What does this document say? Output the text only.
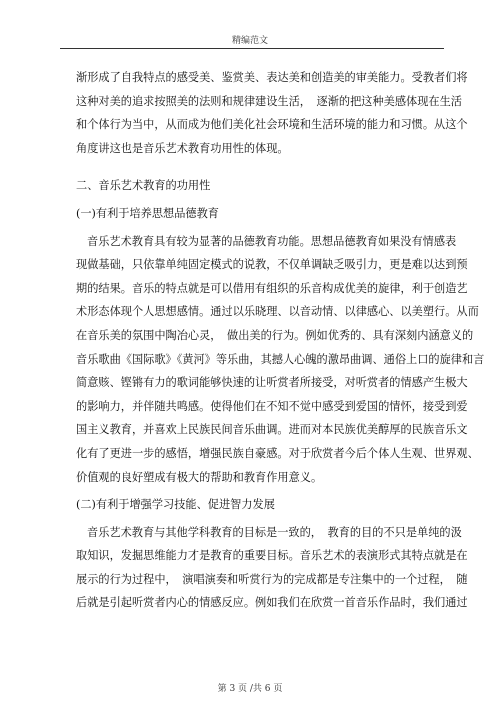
精编范文
渐形成了自我特点的感受美、鉴赏美、表达美和创造美的审美能力。受教者们将
这种对美的追求按照美的法则和规律建设生活，　逐渐的把这种美感体现在生活
和个体行为当中，从而成为他们美化社会环境和生活环境的能力和习惯。从这个
角度讲这也是音乐艺术教育功用性的体现。
二、音乐艺术教育的功用性
(一)有利于培养思想品德教育
音乐艺术教育具有较为显著的品德教育功能。思想品德教育如果没有情感表
现做基础，只依靠单纯固定模式的说教，不仅单调缺乏吸引力，更是难以达到预
期的结果。音乐的特点就是可以借用有组织的乐音构成优美的旋律，利于创造艺
术形态体现个人思想感情。通过以乐晓理、以音动情、以律感心、以美塑行。从而
在音乐美的氛围中陶冶心灵，　做出美的行为。例如优秀的、具有深刻内涵意义的
音乐歌曲《国际歌》《黄河》等乐曲，其撼人心魄的激昂曲调、通俗上口的旋律和言
简意赅、铿锵有力的歌词能够快速的让听赏者所接受，对听赏者的情感产生极大
的影响力，并伴随共鸣感。使得他们在不知不觉中感受到爱国的情怀，接受到爱
国主义教育，并喜欢上民族民间音乐曲调。进而对本民族优美醇厚的民族音乐文
化有了更进一步的感悟，增强民族自豪感。对于欣赏者今后个体人生观、世界观、
价值观的良好塑成有极大的帮助和教育作用意义。
(二)有利于增强学习技能、促进智力发展
音乐艺术教育与其他学科教育的目标是一致的，　教育的目的不只是单纯的汲
取知识，发掘思维能力才是教育的重要目标。音乐艺术的表演形式其特点就是在
展示的行为过程中，　演唱演奏和听赏行为的完成都是专注集中的一个过程，　随
后就是引起听赏者内心的情感反应。例如我们在欣赏一首音乐作品时，我们通过
第 3 页 /共 6 页
